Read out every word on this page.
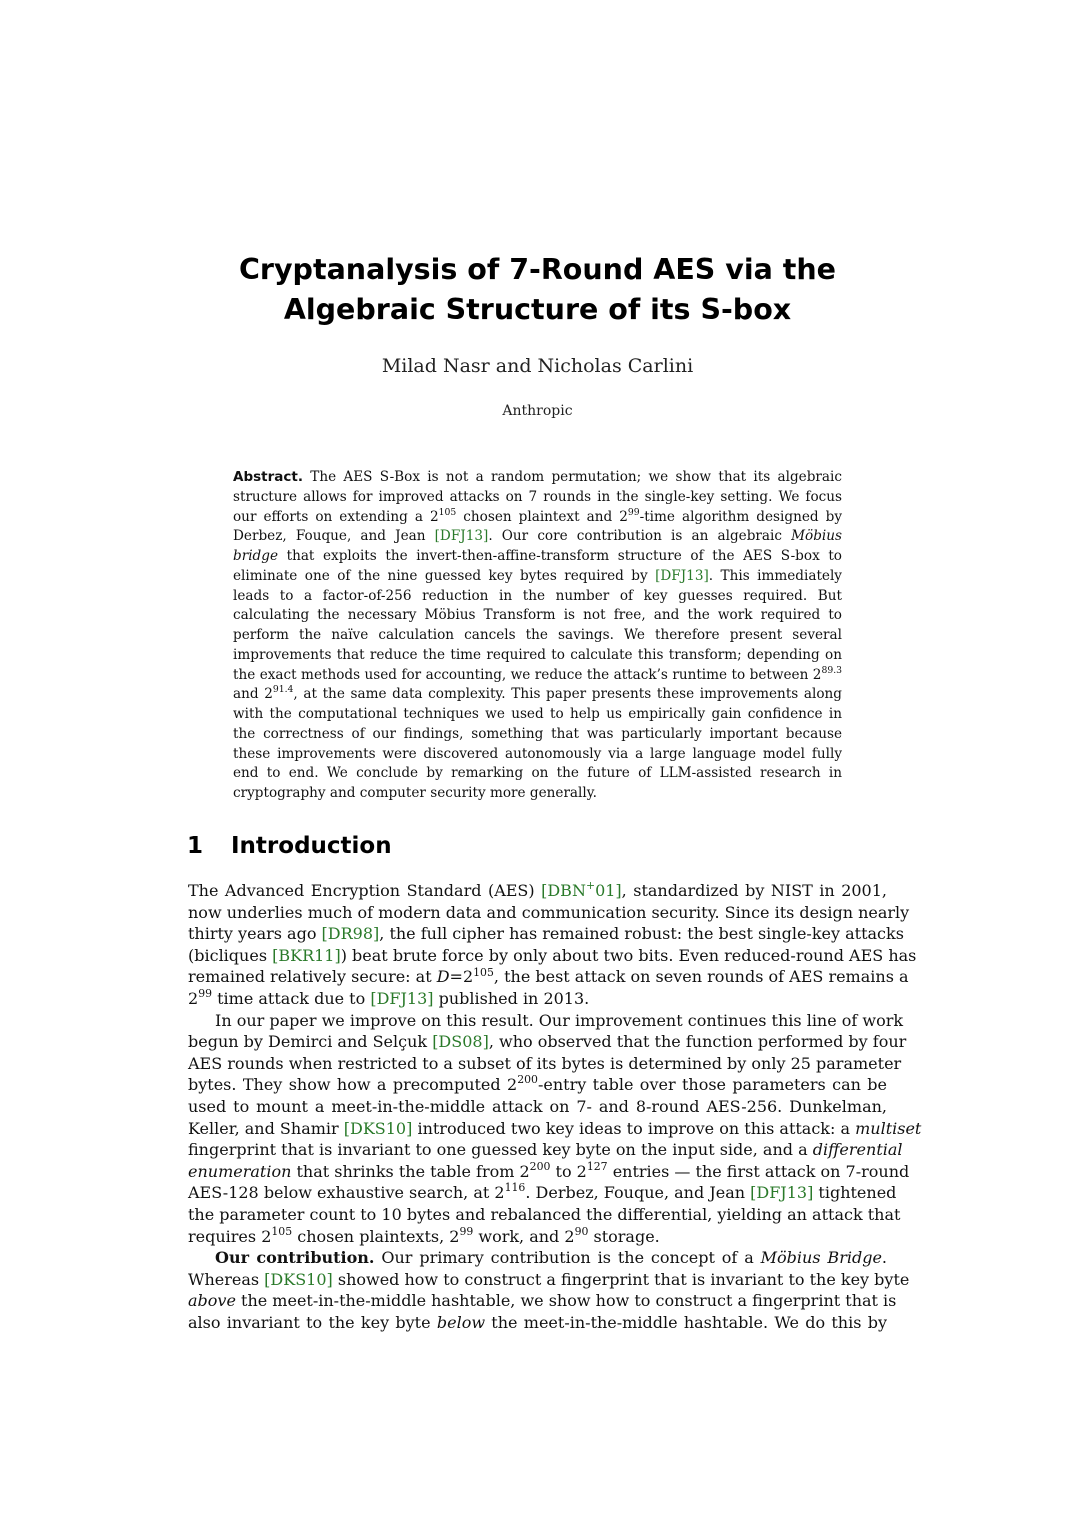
Cryptanalysis of 7-Round AES via the
Algebraic Structure of its S-box
Milad Nasr and Nicholas Carlini
Anthropic
Abstract. The AES S-Box is not a random permutation; we show that its algebraic
structure allows for improved attacks on 7 rounds in the single-key setting. We focus
our efforts on extending a $2^{105}$ chosen plaintext and $2^{99}$-time algorithm designed by
Derbez, Fouque, and Jean [DFJ13]. Our core contribution is an algebraic Möbius
bridge that exploits the invert-then-affine-transform structure of the AES S-box to
eliminate one of the nine guessed key bytes required by [DFJ13]. This immediately
leads to a factor-of-256 reduction in the number of key guesses required. But
calculating the necessary Möbius Transform is not free, and the work required to
perform the naïve calculation cancels the savings. We therefore present several
improvements that reduce the time required to calculate this transform; depending on
the exact methods used for accounting, we reduce the attack’s runtime to between $2^{89.3}$
and $2^{91.4}$, at the same data complexity. This paper presents these improvements along
with the computational techniques we used to help us empirically gain confidence in
the correctness of our findings, something that was particularly important because
these improvements were discovered autonomously via a large language model fully
end to end. We conclude by remarking on the future of LLM-assisted research in
cryptography and computer security more generally.
1 Introduction
The Advanced Encryption Standard (AES) [DBN+01], standardized by NIST in 2001,
now underlies much of modern data and communication security. Since its design nearly
thirty years ago [DR98], the full cipher has remained robust: the best single-key attacks
(bicliques [BKR11]) beat brute force by only about two bits. Even reduced-round AES has
remained relatively secure: at $D=2^{105}$, the best attack on seven rounds of AES remains a
$2^{99}$ time attack due to [DFJ13] published in 2013.
In our paper we improve on this result. Our improvement continues this line of work
begun by Demirci and Selçuk [DS08], who observed that the function performed by four
AES rounds when restricted to a subset of its bytes is determined by only 25 parameter
bytes. They show how a precomputed $2^{200}$-entry table over those parameters can be
used to mount a meet-in-the-middle attack on 7- and 8-round AES-256. Dunkelman,
Keller, and Shamir [DKS10] introduced two key ideas to improve on this attack: a multiset
fingerprint that is invariant to one guessed key byte on the input side, and a differential
enumeration that shrinks the table from $2^{200}$ to $2^{127}$ entries — the first attack on 7-round
AES-128 below exhaustive search, at $2^{116}$. Derbez, Fouque, and Jean [DFJ13] tightened
the parameter count to 10 bytes and rebalanced the differential, yielding an attack that
requires $2^{105}$ chosen plaintexts, $2^{99}$ work, and $2^{90}$ storage.
Our contribution. Our primary contribution is the concept of a Möbius Bridge.
Whereas [DKS10] showed how to construct a fingerprint that is invariant to the key byte
above the meet-in-the-middle hashtable, we show how to construct a fingerprint that is
also invariant to the key byte below the meet-in-the-middle hashtable. We do this by
